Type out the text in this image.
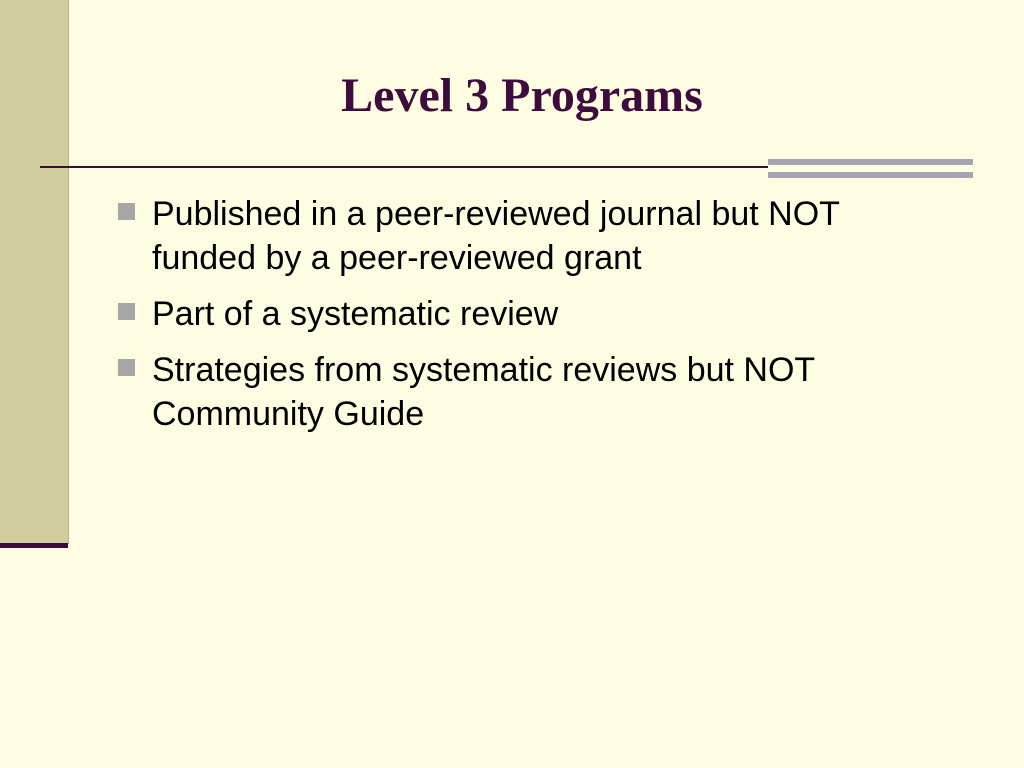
Level 3 Programs
Published in a peer-reviewed journal but NOT
funded by a peer-reviewed grant
Part of a systematic review
Strategies from systematic reviews but NOT
Community Guide
